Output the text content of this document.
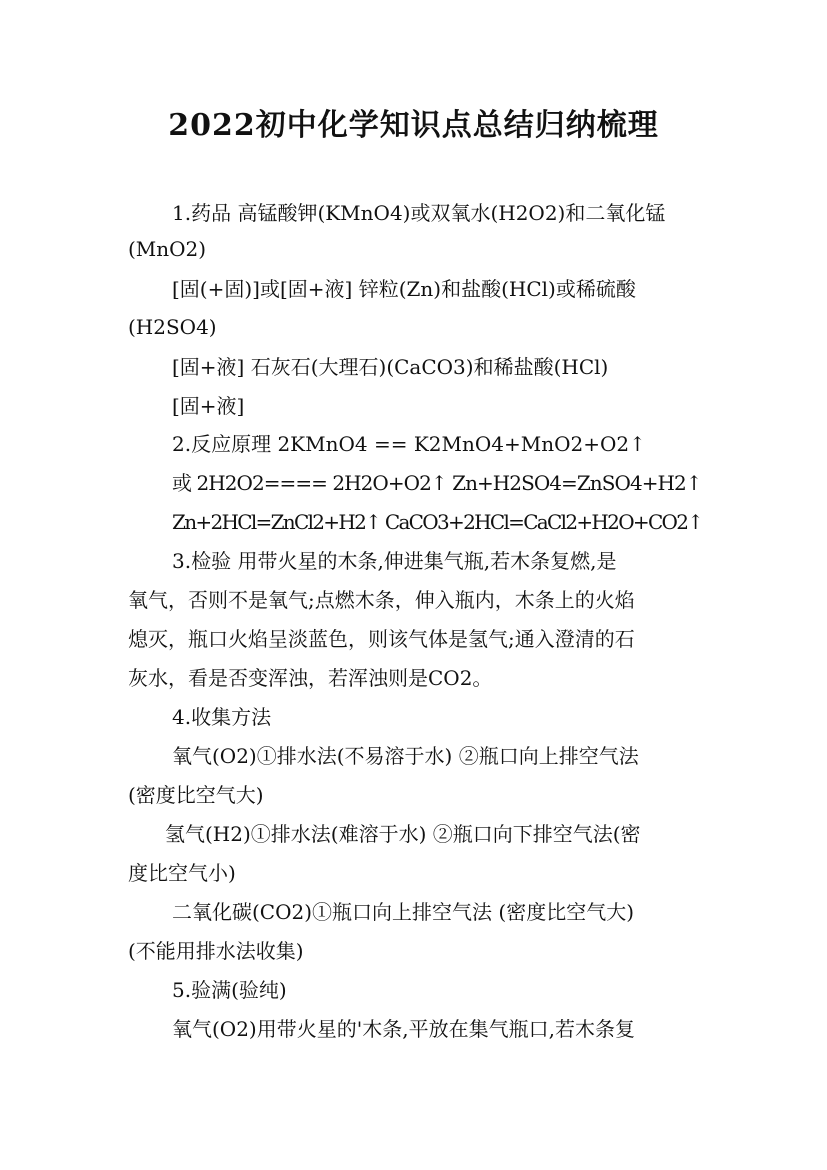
2022初中化学知识点总结归纳梳理
1.药品 高锰酸钾(KMnO4)或双氧水(H2O2)和二氧化锰
(MnO2)
[固(+固)]或[固+液] 锌粒(Zn)和盐酸(HCl)或稀硫酸
(H2SO4)
[固+液] 石灰石(大理石)(CaCO3)和稀盐酸(HCl)
[固+液]
2.反应原理 2KMnO4 == K2MnO4+MnO2+O2↑
或 2H2O2==== 2H2O+O2↑ Zn+H2SO4=ZnSO4+H2↑
Zn+2HCl=ZnCl2+H2↑ CaCO3+2HCl=CaCl2+H2O+CO2↑
3.检验 用带火星的木条,伸进集气瓶,若木条复燃,是
氧气，否则不是氧气;点燃木条，伸入瓶内，木条上的火焰
熄灭，瓶口火焰呈淡蓝色，则该气体是氢气;通入澄清的石
灰水，看是否变浑浊，若浑浊则是CO2。
4.收集方法
氧气(O2)①排水法(不易溶于水) ②瓶口向上排空气法
(密度比空气大)
氢气(H2)①排水法(难溶于水) ②瓶口向下排空气法(密
度比空气小)
二氧化碳(CO2)①瓶口向上排空气法 (密度比空气大)
(不能用排水法收集)
5.验满(验纯)
氧气(O2)用带火星的'木条,平放在集气瓶口,若木条复
